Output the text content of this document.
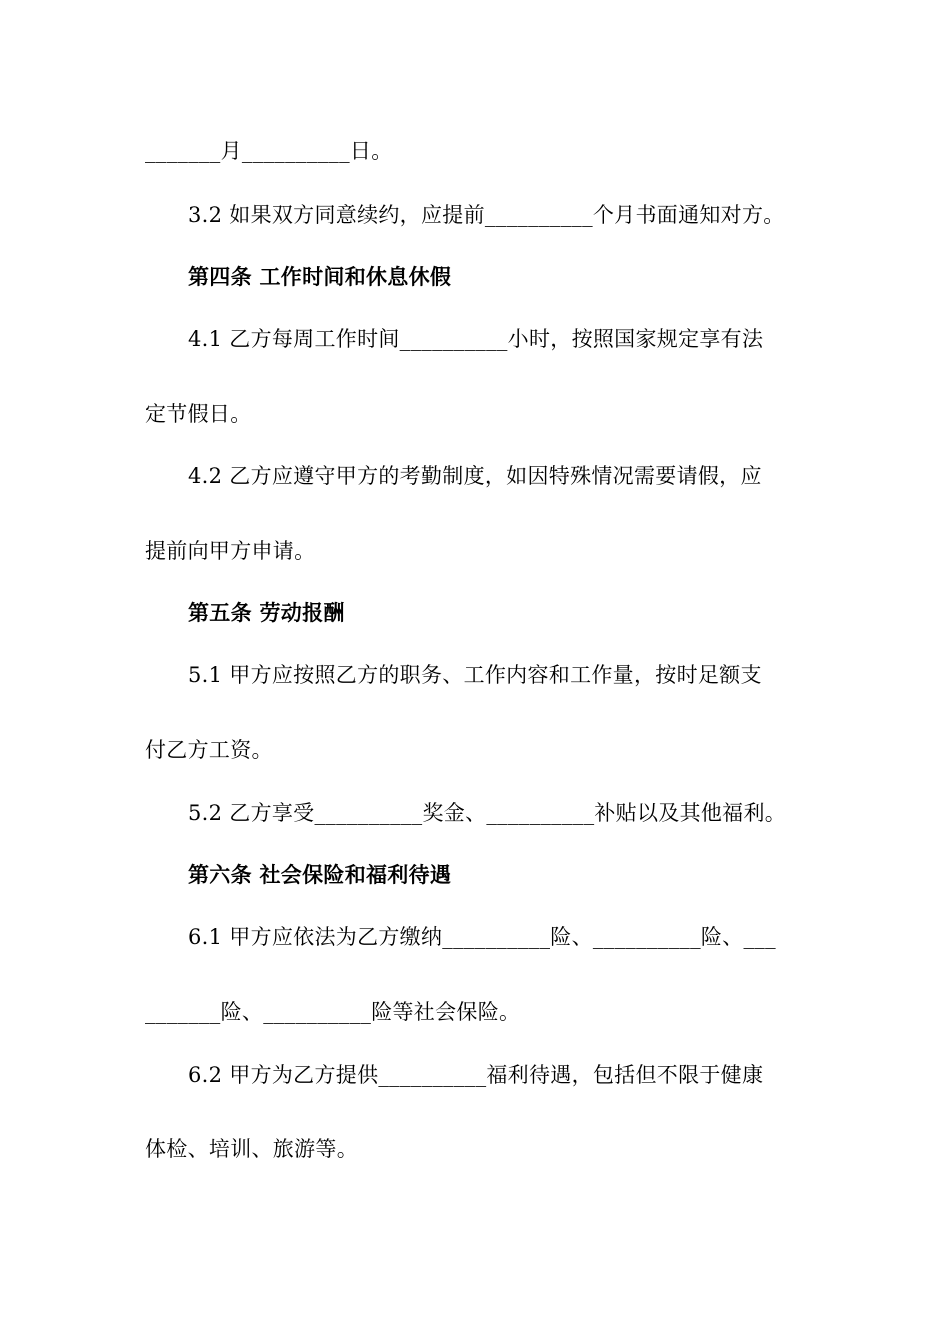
_______月__________日。
3.2 如果双方同意续约，应提前__________个月书面通知对方。
第四条 工作时间和休息休假
4.1 乙方每周工作时间__________小时，按照国家规定享有法
定节假日。
4.2 乙方应遵守甲方的考勤制度，如因特殊情况需要请假，应
提前向甲方申请。
第五条 劳动报酬
5.1 甲方应按照乙方的职务、工作内容和工作量，按时足额支
付乙方工资。
5.2 乙方享受__________奖金、__________补贴以及其他福利。
第六条 社会保险和福利待遇
6.1 甲方应依法为乙方缴纳__________险、__________险、___
_______险、__________险等社会保险。
6.2 甲方为乙方提供__________福利待遇，包括但不限于健康
体检、培训、旅游等。
